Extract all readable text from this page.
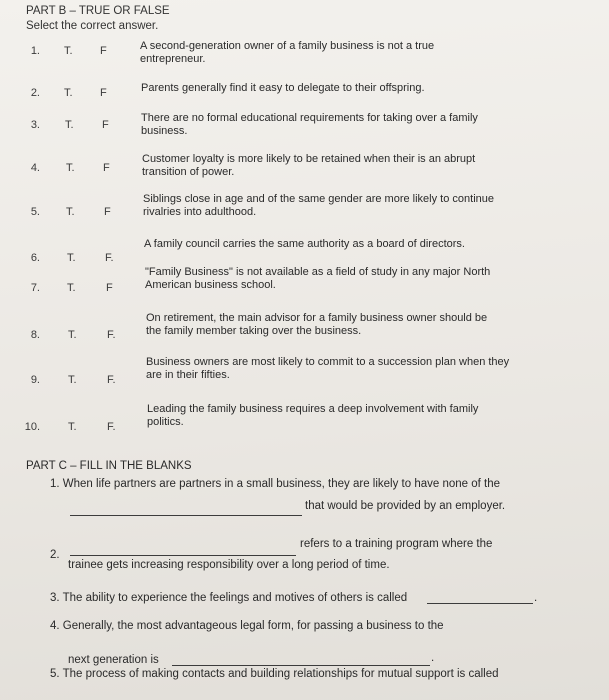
PART B – TRUE OR FALSE
Select the correct answer.
1. T. F	A second-generation owner of a family business is not a true
entrepreneur.
2. T. F	Parents generally find it easy to delegate to their offspring.
3. T.	F
There are no formal educational requirements for taking over a family
business.
4. T.	F
Customer loyalty is more likely to be retained when their is an abrupt
transition of power.
5. T.	F
Siblings close in age and of the same gender are more likely to continue
rivalries into adulthood.
6. T.	F.
A family council carries the same authority as a board of directors.
7. T.	F
"Family Business" is not available as a field of study in any major North
American business school.
8.	T.	F.
On retirement, the main advisor for a family business owner should be
the family member taking over the business.
9.	T.	F.
Business owners are most likely to commit to a succession plan when they
are in their fifties.
10.	T.	F.
Leading the family business requires a deep involvement with family
politics.
PART C – FILL IN THE BLANKS
1. When life partners are partners in a small business, they are likely to have none of the
that would be provided by an employer.
2.
refers to a training program where the
trainee gets increasing responsibility over a long period of time.
3. The ability to experience the feelings and motives of others is called	.
4. Generally, the most advantageous legal form, for passing a business to the
next generation is	.
5. The process of making contacts and building relationships for mutual support is called
